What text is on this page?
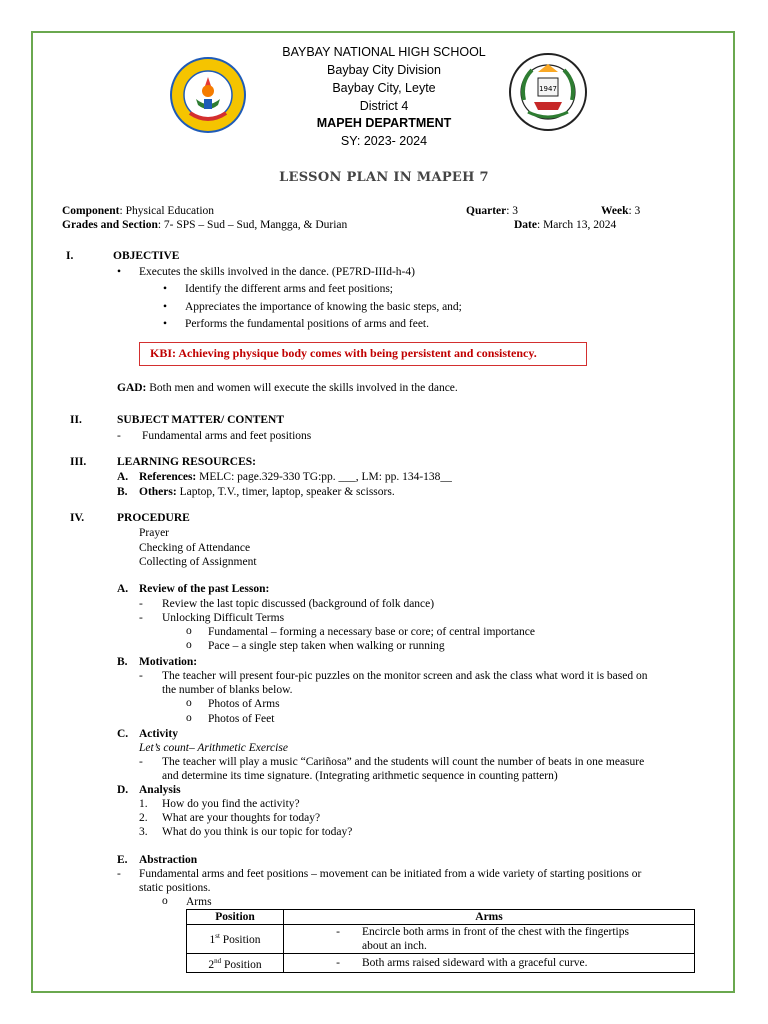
1947
BAYBAY NATIONAL HIGH SCHOOL
Baybay City Division
Baybay City, Leyte
District 4
MAPEH DEPARTMENT
SY: 2023- 2024
LESSON PLAN IN MAPEH 7
Component: Physical Education	Quarter: 3	Week: 3
Grades and Section: 7- SPS – Sud – Sud, Mangga, & Durian	Date: March 13, 2024
I.	OBJECTIVE
• Executes the skills involved in the dance. (PE7RD-IIId-h-4)
• Identify the different arms and feet positions;
• Appreciates the importance of knowing the basic steps, and;
• Performs the fundamental positions of arms and feet.
KBI: Achieving physique body comes with being persistent and consistency.
GAD: Both men and women will execute the skills involved in the dance.
II.	SUBJECT MATTER/ CONTENT
- Fundamental arms and feet positions
III.	LEARNING RESOURCES:
A. References: MELC: page.329-330 TG:pp. ___, LM: pp. 134-138__
B. Others: Laptop, T.V., timer, laptop, speaker & scissors.
IV.	PROCEDURE
Prayer
Checking of Attendance
Collecting of Assignment
A. Review of the past Lesson:
- Review the last topic discussed (background of folk dance)
- Unlocking Difficult Terms
o Fundamental – forming a necessary base or core; of central importance
o Pace – a single step taken when walking or running
B. Motivation:
- The teacher will present four-pic puzzles on the monitor screen and ask the class what word it is based on
the number of blanks below.
o Photos of Arms
o Photos of Feet
C. Activity
Let’s count– Arithmetic Exercise
- The teacher will play a music “Cariñosa” and the students will count the number of beats in one measure
and determine its time signature. (Integrating arithmetic sequence in counting pattern)
D. Analysis
1. How do you find the activity?
2. What are your thoughts for today?
3. What do you think is our topic for today?
E. Abstraction
- Fundamental arms and feet positions – movement can be initiated from a wide variety of starting positions or
static positions.
o Arms
Position	Arms
1st Position	- Encircle both arms in front of the chest with the fingertips
about an inch.

2nd Position	- Both arms raised sideward with a graceful curve.
